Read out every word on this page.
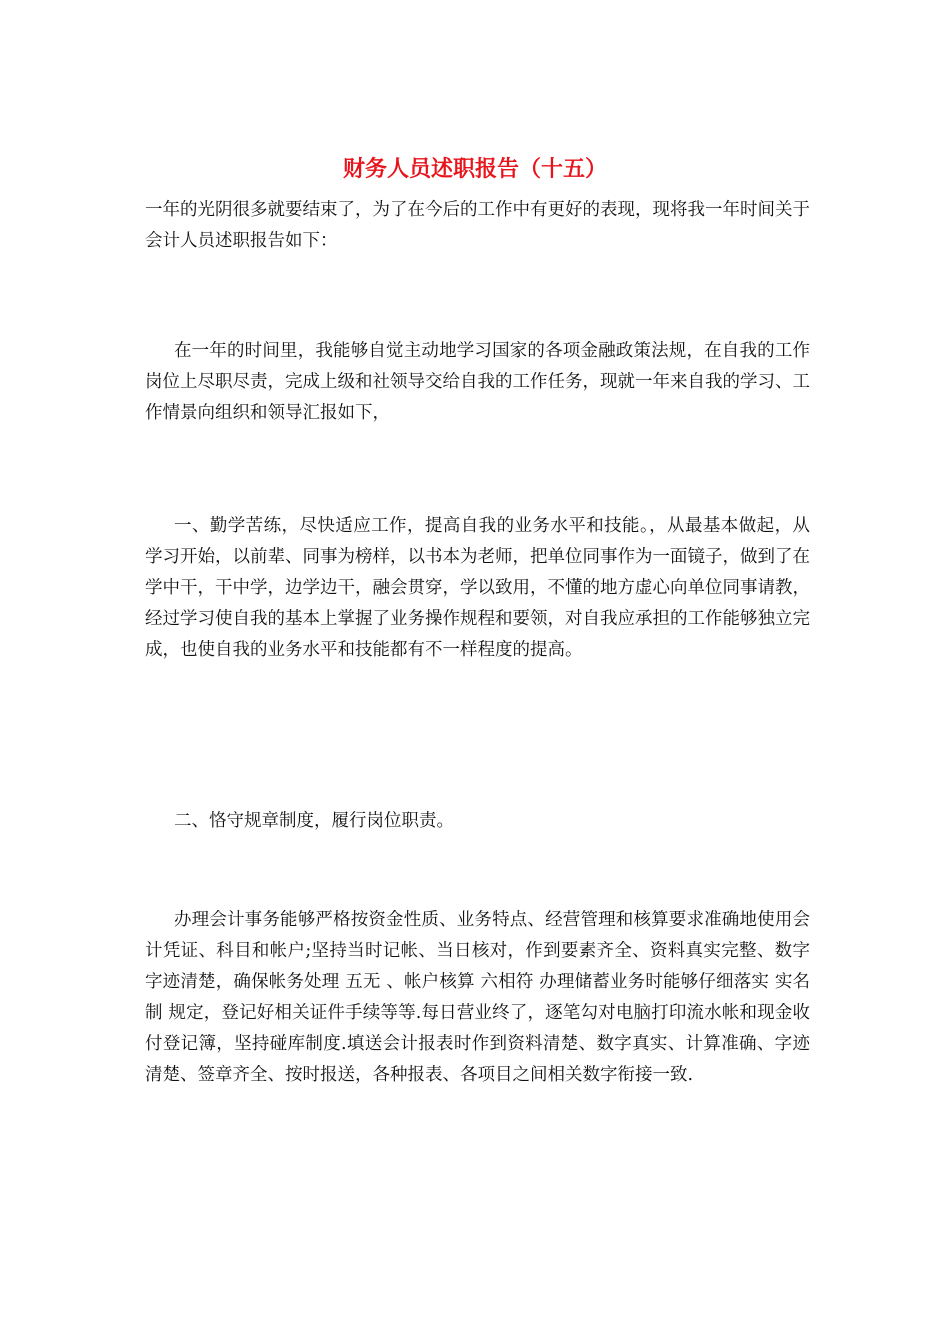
财务人员述职报告（十五）

一年的光阴很多就要结束了，为了在今后的工作中有更好的表现，现将我一年时间关于会计人员述职报告如下：

在一年的时间里，我能够自觉主动地学习国家的各项金融政策法规，在自我的工作岗位上尽职尽责，完成上级和社领导交给自我的工作任务，现就一年来自我的学习、工作情景向组织和领导汇报如下，

一、勤学苦练，尽快适应工作，提高自我的业务水平和技能。，从最基本做起，从学习开始，以前辈、同事为榜样，以书本为老师，把单位同事作为一面镜子，做到了在学中干，干中学，边学边干，融会贯穿，学以致用，不懂的地方虚心向单位同事请教，经过学习使自我的基本上掌握了业务操作规程和要领，对自我应承担的工作能够独立完成，也使自我的业务水平和技能都有不一样程度的提高。

二、恪守规章制度，履行岗位职责。

办理会计事务能够严格按资金性质、业务特点、经营管理和核算要求准确地使用会计凭证、科目和帐户;坚持当时记帐、当日核对，作到要素齐全、资料真实完整、数字字迹清楚，确保帐务处理 五无 、帐户核算 六相符 办理储蓄业务时能够仔细落实 实名制 规定，登记好相关证件手续等等.每日营业终了，逐笔勾对电脑打印流水帐和现金收付登记簿，坚持碰库制度.填送会计报表时作到资料清楚、数字真实、计算准确、字迹清楚、签章齐全、按时报送，各种报表、各项目之间相关数字衔接一致.
